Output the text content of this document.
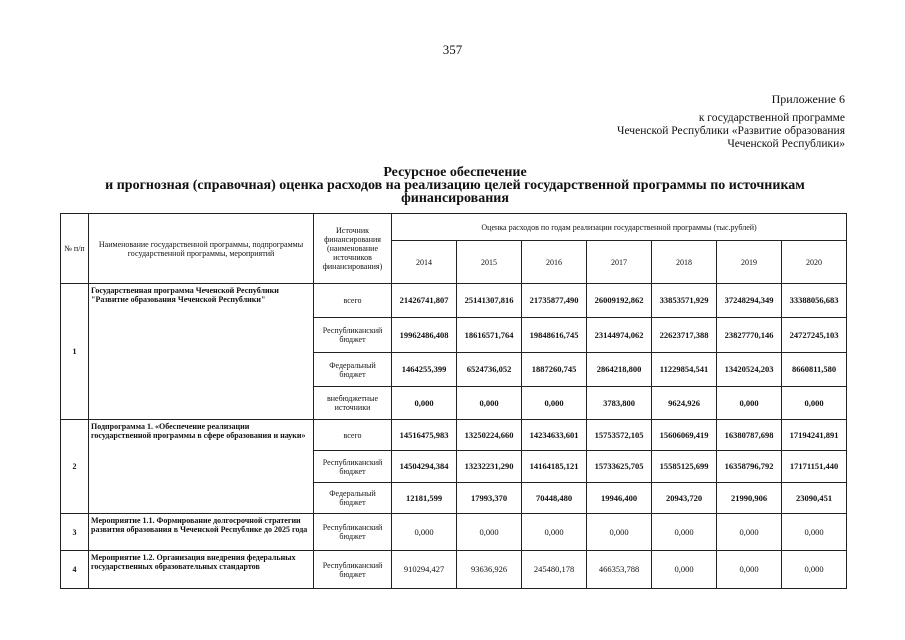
357
Приложение 6
к государственной программе
Чеченской Республики «Развитие образования
Чеченской Республики»
Ресурсное обеспечение
и прогнозная (справочная) оценка расходов на реализацию целей государственной программы по источникам
финансирования
№ п/п	Наименование государственной программы, подпрограммы государственной программы, мероприятий	Источник финансирования (наименование источников финансирования)	Оценка расходов по годам реализации государственной программы (тыс.рублей)						
			2014	2015	2016	2017	2018	2019	2020
1	Государственная программа Чеченской Республики "Развитие образования Чеченской Республики"	всего	21426741,807	25141307,816	21735877,490	26009192,862	33853571,929	37248294,349	33388056,683
		Республиканский бюджет	19962486,408	18616571,764	19848616,745	23144974,062	22623717,388	23827770,146	24727245,103
		Федеральный бюджет	1464255,399	6524736,052	1887260,745	2864218,800	11229854,541	13420524,203	8660811,580
		внебюджетные источники	0,000	0,000	0,000	3783,800	9624,926	0,000	0,000
2	Подпрограмма 1. «Обеспечение реализации государственной программы в сфере образования и науки»	всего	14516475,983	13250224,660	14234633,601	15753572,105	15606069,419	16380787,698	17194241,891
		Республиканский бюджет	14504294,384	13232231,290	14164185,121	15733625,705	15585125,699	16358796,792	17171151,440
		Федеральный бюджет	12181,599	17993,370	70448,480	19946,400	20943,720	21990,906	23090,451
3	Мероприятие 1.1. Формирование долгосрочной стратегии развития образования в Чеченской Республике до 2025 года	Республиканский бюджет	0,000	0,000	0,000	0,000	0,000	0,000	0,000
4	Мероприятие 1.2. Организация внедрения федеральных государственных образовательных стандартов	Республиканский бюджет	910294,427	93636,926	245480,178	466353,788	0,000	0,000	0,000
